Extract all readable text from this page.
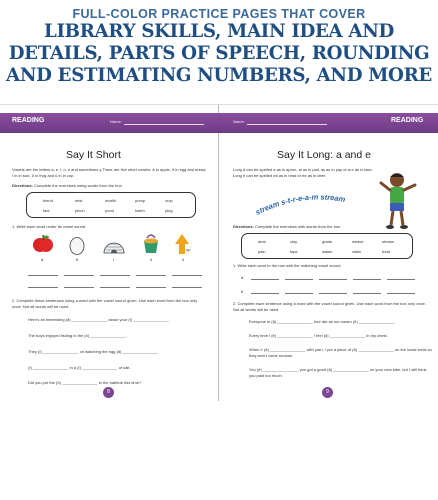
FULL-COLOR PRACTICE PAGES THAT COVER
LIBRARY SKILLS, MAIN IDEA AND
DETAILS, PARTS OF SPEECH, ROUNDING
AND ESTIMATING NUMBERS, AND MORE
READING	Name:
Say It Short
Vowels are the letters a, e, i, o, u and sometimes y.There are five short vowels: ă in apple, ĕ in egg and bread, ĭ in in sick, ŏ in frog and ŭ in in cup.
Directions: Complete the exercises using words from the box.
blend	mist	health	pump	crop
fact	pinch	pond	hatch	plug
1. Write each word under its vowel sound.
up
ă	ĕ	ĭ	ŏ	ŭ
2. Complete these sentences using a word with the vowel sound given. Use each word from the box only once. Not all words will be used.
Here's an interesting (ă) ________________ about your (ĭ) ________________
The boys enjoyed fishing in the (ŏ) ________________.
They (ĭ) ________________ on watching the egg (ă) ________________
(ĭ) ________________ in a (ĭ) ________________ of salt.
Did you put the (ŏ) ________________ in the bathtub this time?
8
Name:	READING
Say It Long: a and e
Long ā can be spelled a as in apron, ai as in pail, ay as in pay or a-e as in lake. Long ē can be spelled ea as in read or ee as in deer.
stream s-t-r-e-a-m stream
Directions: Complete the exercises with words from the box.
deal	clay	grade	weave	stream
pain	tape	waste	claim	treat
1. Write each word in the row with the matching vowel sound.
ā
ē
2. Complete each sentence using a word with the vowel sound given. Use each word from the box only once. Not all words will be used.
Everyone in (ā) ________________ four ate an ice-cream (ē) ________________
Every time I (ē) ________________ I feel (ā) ________________ in my chest.
When 2 (ā) ________________ with yarn, I put a piece of (ā) ________________ on the loose ends so they won't come undone.
You (ē) ________________ you got a good (ā) ________________ on your new bike, but I still think you paid too much.
9
